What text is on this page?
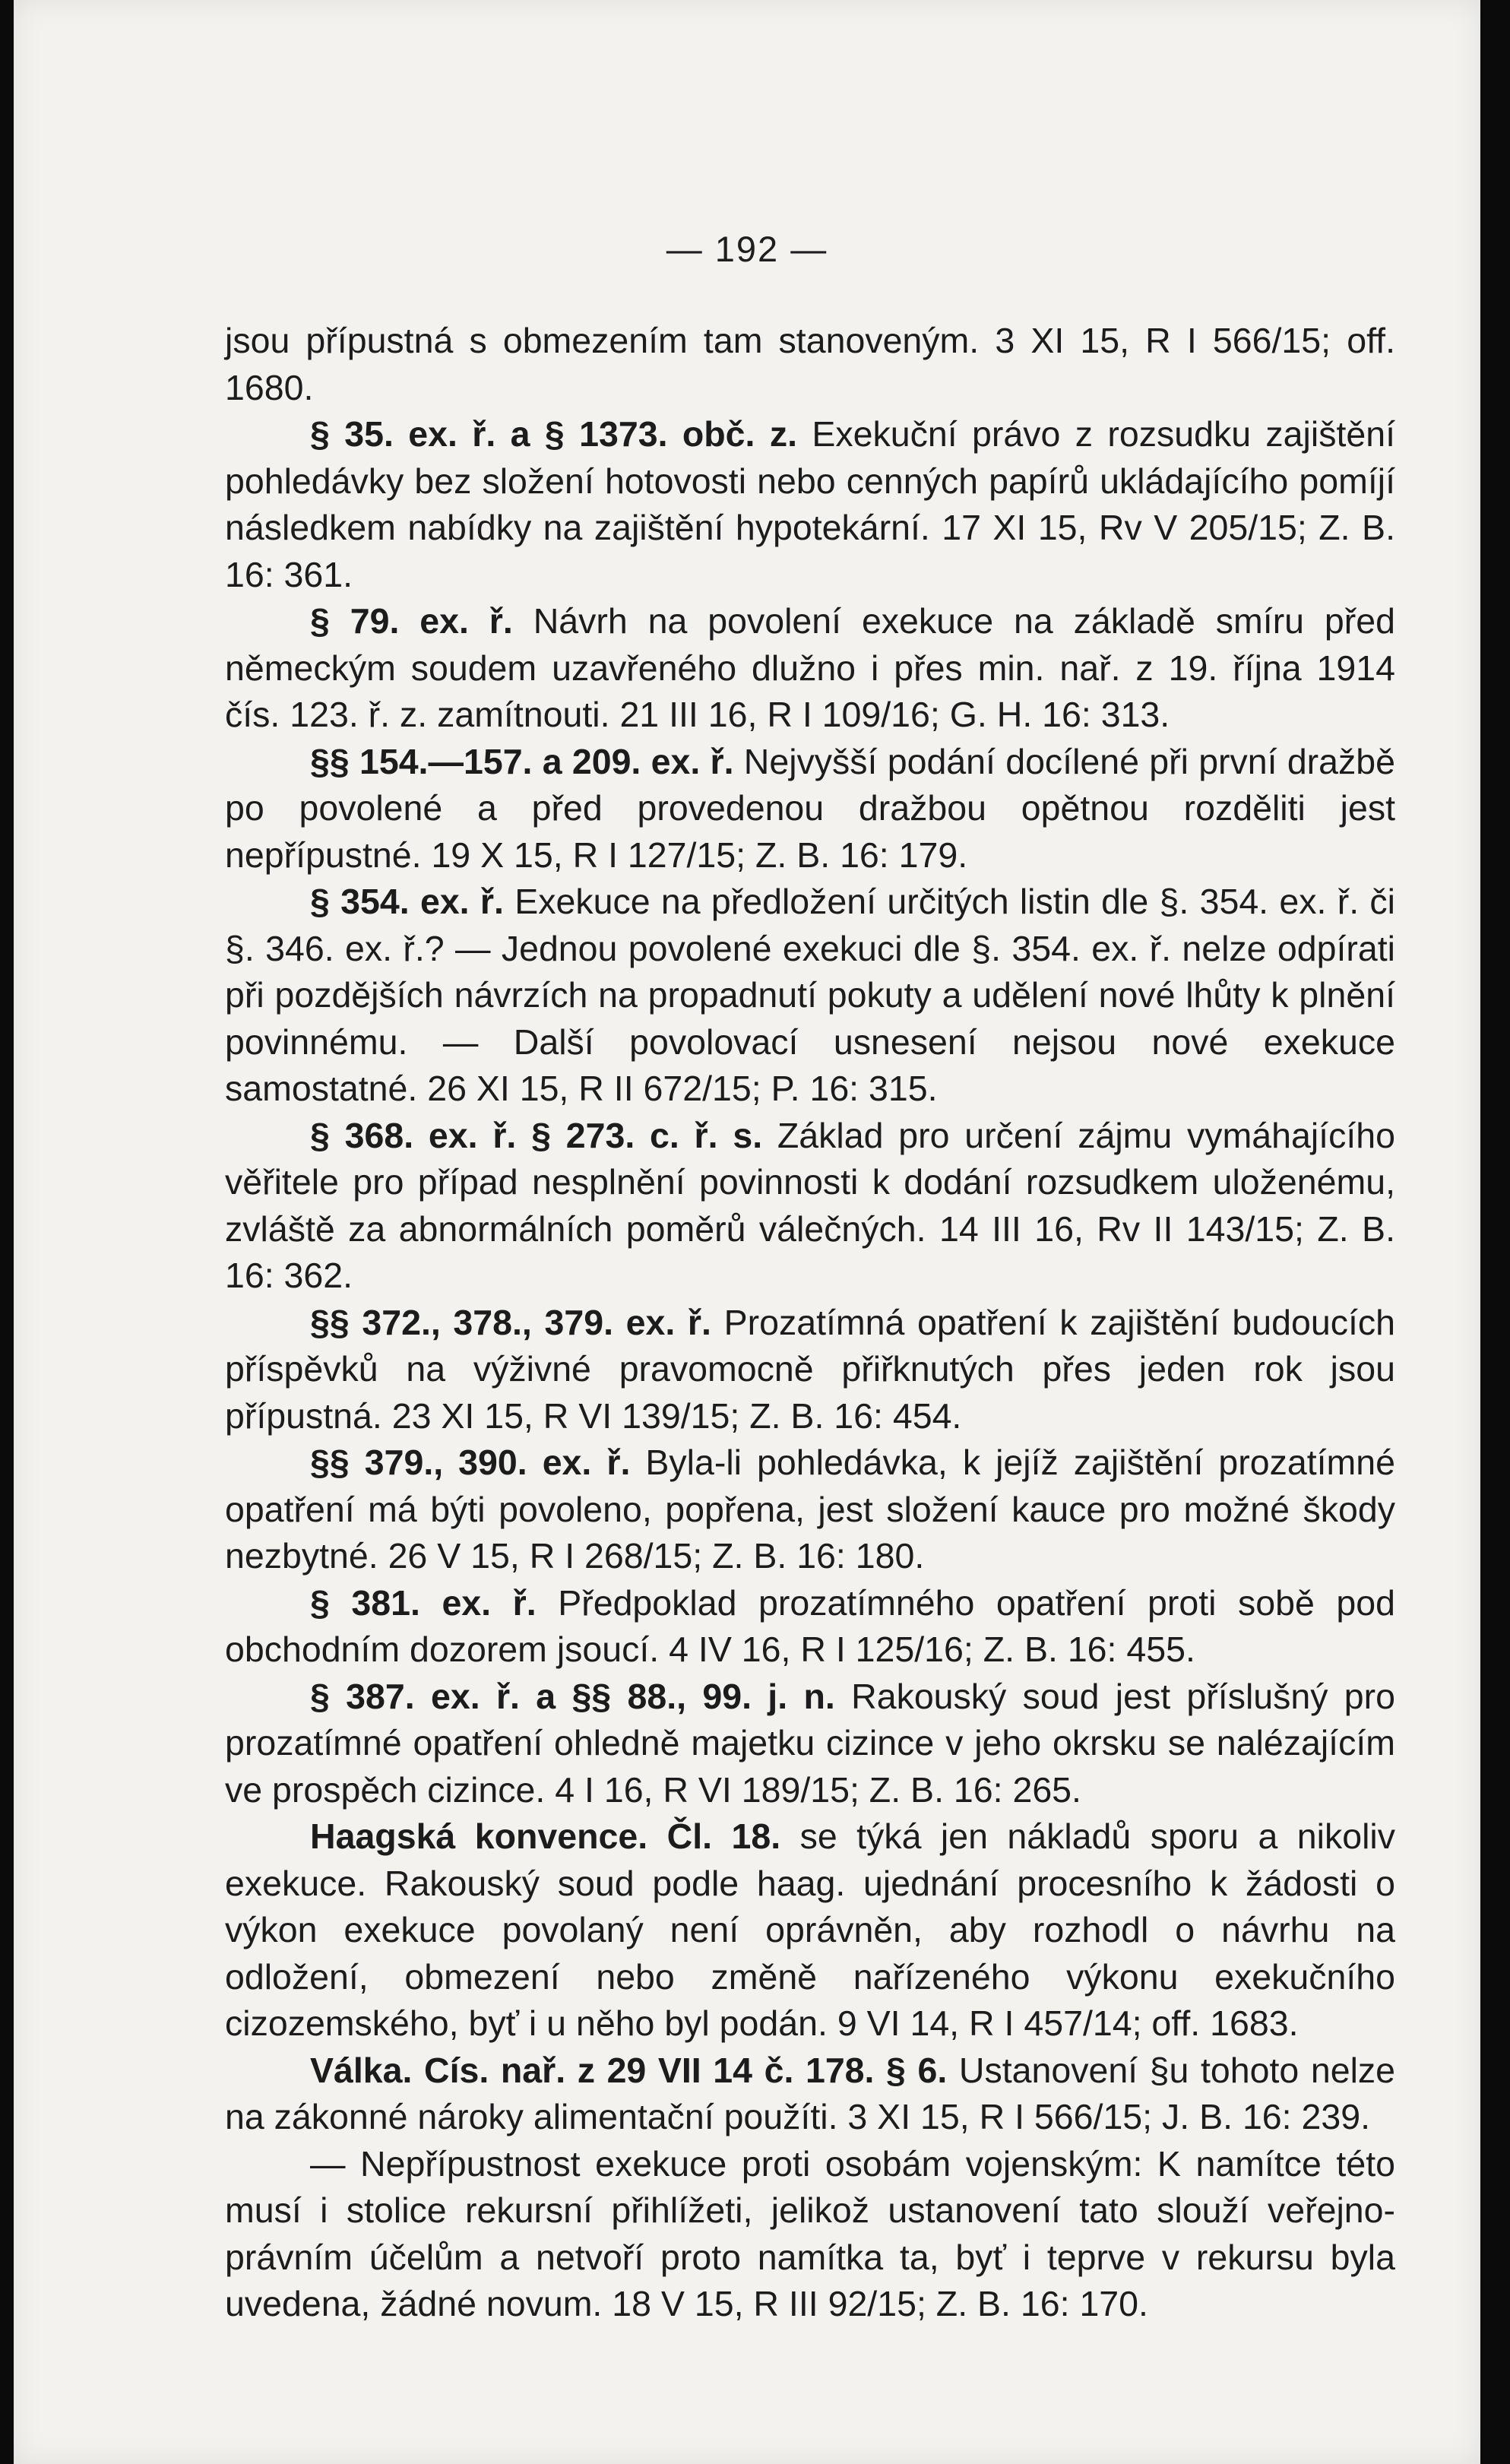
— 192 —

jsou přípustná s obmezením tam stanoveným. 3 XI 15, R I 566/15; off. 1680.

§ 35. ex. ř. a § 1373. obč. z. Exekuční právo z rozsudku zajištění pohledávky bez složení hotovosti nebo cenných papírů ukládajícího pomíjí následkem nabídky na zajištění hypotekární. 17 XI 15, Rv V 205/15; Z. B. 16: 361.

§ 79. ex. ř. Návrh na povolení exekuce na základě smíru před německým soudem uzavřeného dlužno i přes min. nař. z 19. října 1914 čís. 123. ř. z. zamítnouti. 21 III 16, R I 109/16; G. H. 16: 313.

§§ 154.—157. a 209. ex. ř. Nejvyšší podání docílené při první dražbě po povolené a před provedenou dražbou opětnou rozděliti jest nepřípustné. 19 X 15, R I 127/15; Z. B. 16: 179.

§ 354. ex. ř. Exekuce na předložení určitých listin dle §. 354. ex. ř. či §. 346. ex. ř.? — Jednou povolené exekuci dle §. 354. ex. ř. nelze odpírati při pozdějších návrzích na propadnutí pokuty a udělení nové lhůty k plnění povinnému. — Další povolovací usnesení nejsou nové exekuce samostatné. 26 XI 15, R II 672/15; P. 16: 315.

§ 368. ex. ř. § 273. c. ř. s. Základ pro určení zájmu vymáhajícího věřitele pro případ nesplnění povinnosti k dodání rozsudkem uloženému, zvláště za abnormálních poměrů válečných. 14 III 16, Rv II 143/15; Z. B. 16: 362.

§§ 372., 378., 379. ex. ř. Prozatímná opatření k zajištění budoucích příspěvků na výživné pravomocně přiřknutých přes jeden rok jsou přípustná. 23 XI 15, R VI 139/15; Z. B. 16: 454.

§§ 379., 390. ex. ř. Byla-li pohledávka, k jejíž zajištění prozatímné opatření má býti povoleno, popřena, jest složení kauce pro možné škody nezbytné. 26 V 15, R I 268/15; Z. B. 16: 180.

§ 381. ex. ř. Předpoklad prozatímného opatření proti sobě pod obchodním dozorem jsoucí. 4 IV 16, R I 125/16; Z. B. 16: 455.

§ 387. ex. ř. a §§ 88., 99. j. n. Rakouský soud jest příslušný pro prozatímné opatření ohledně majetku cizince v jeho okrsku se nalézajícím ve prospěch cizince. 4 I 16, R VI 189/15; Z. B. 16: 265.

Haagská konvence. Čl. 18. se týká jen nákladů sporu a nikoliv exekuce. Rakouský soud podle haag. ujednání procesního k žádosti o výkon exekuce povolaný není oprávněn, aby rozhodl o návrhu na odložení, obmezení nebo změně nařízeného výkonu exekučního cizozemského, byť i u něho byl podán. 9 VI 14, R I 457/14; off. 1683.

Válka. Cís. nař. z 29 VII 14 č. 178. § 6. Ustanovení §u tohoto nelze na zákonné nároky alimentační použíti. 3 XI 15, R I 566/15; J. B. 16: 239.

— Nepřípustnost exekuce proti osobám vojenským: K namítce této musí i stolice rekursní přihlížeti, jelikož ustanovení tato slouží veřejno-právním účelům a netvoří proto namítka ta, byť i teprve v rekursu byla uvedena, žádné novum. 18 V 15, R III 92/15; Z. B. 16: 170.
